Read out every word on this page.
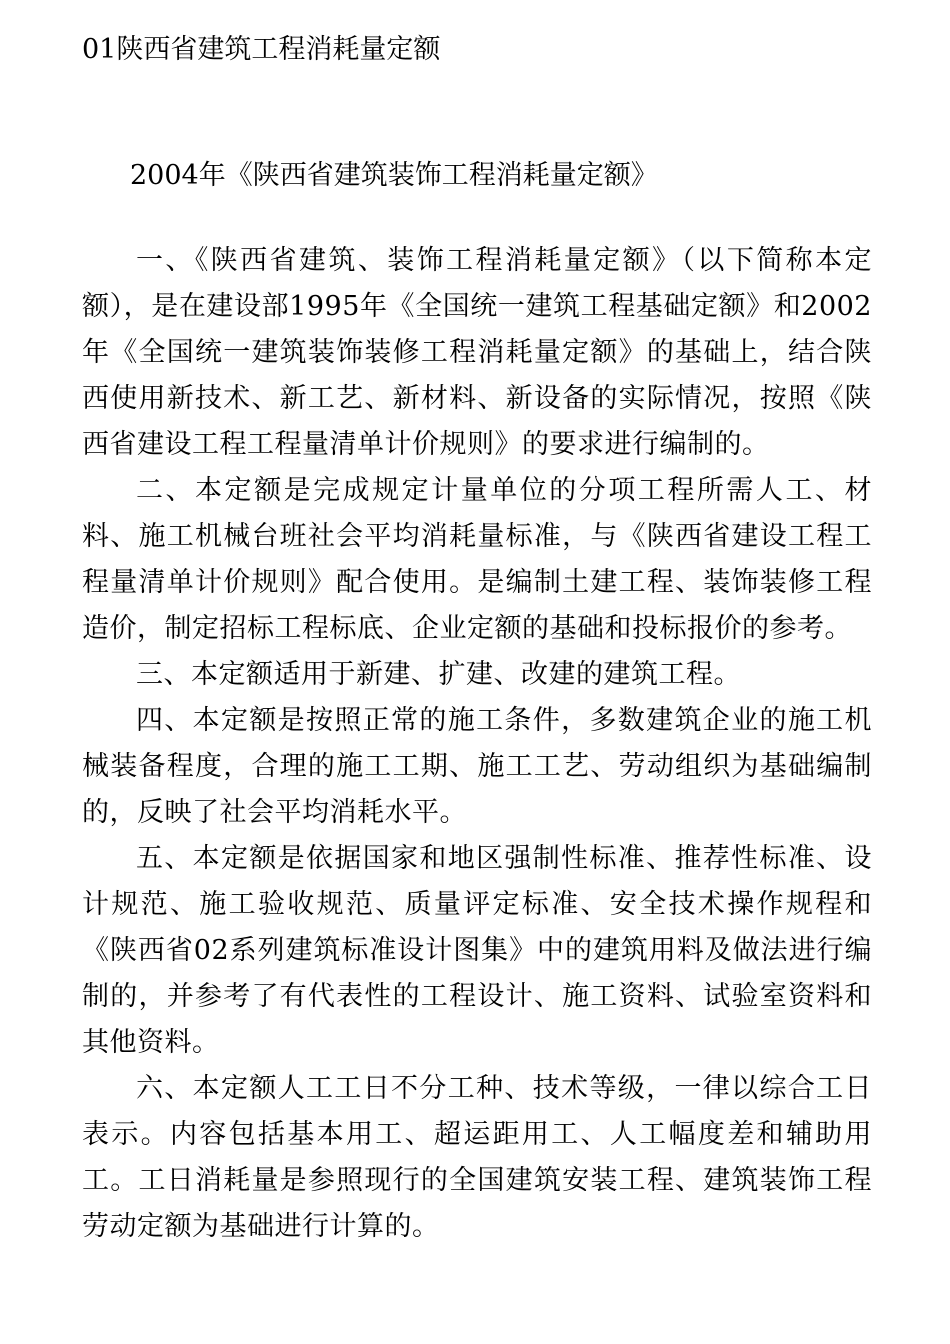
01陕西省建筑工程消耗量定额
2004年《陕西省建筑装饰工程消耗量定额》

一、《陕西省建筑、装饰工程消耗量定额》（以下简称本定额），是在建设部1995年《全国统一建筑工程基础定额》和2002年《全国统一建筑装饰装修工程消耗量定额》的基础上，结合陕西使用新技术、新工艺、新材料、新设备的实际情况，按照《陕西省建设工程工程量清单计价规则》的要求进行编制的。

二、本定额是完成规定计量单位的分项工程所需人工、材料、施工机械台班社会平均消耗量标准，与《陕西省建设工程工程量清单计价规则》配合使用。是编制土建工程、装饰装修工程造价，制定招标工程标底、企业定额的基础和投标报价的参考。

三、本定额适用于新建、扩建、改建的建筑工程。

四、本定额是按照正常的施工条件，多数建筑企业的施工机械装备程度，合理的施工工期、施工工艺、劳动组织为基础编制的，反映了社会平均消耗水平。

五、本定额是依据国家和地区强制性标准、推荐性标准、设计规范、施工验收规范、质量评定标准、安全技术操作规程和《陕西省02系列建筑标准设计图集》中的建筑用料及做法进行编制的，并参考了有代表性的工程设计、施工资料、试验室资料和其他资料。

六、本定额人工工日不分工种、技术等级，一律以综合工日表示。内容包括基本用工、超运距用工、人工幅度差和辅助用工。工日消耗量是参照现行的全国建筑安装工程、建筑装饰工程劳动定额为基础进行计算的。
